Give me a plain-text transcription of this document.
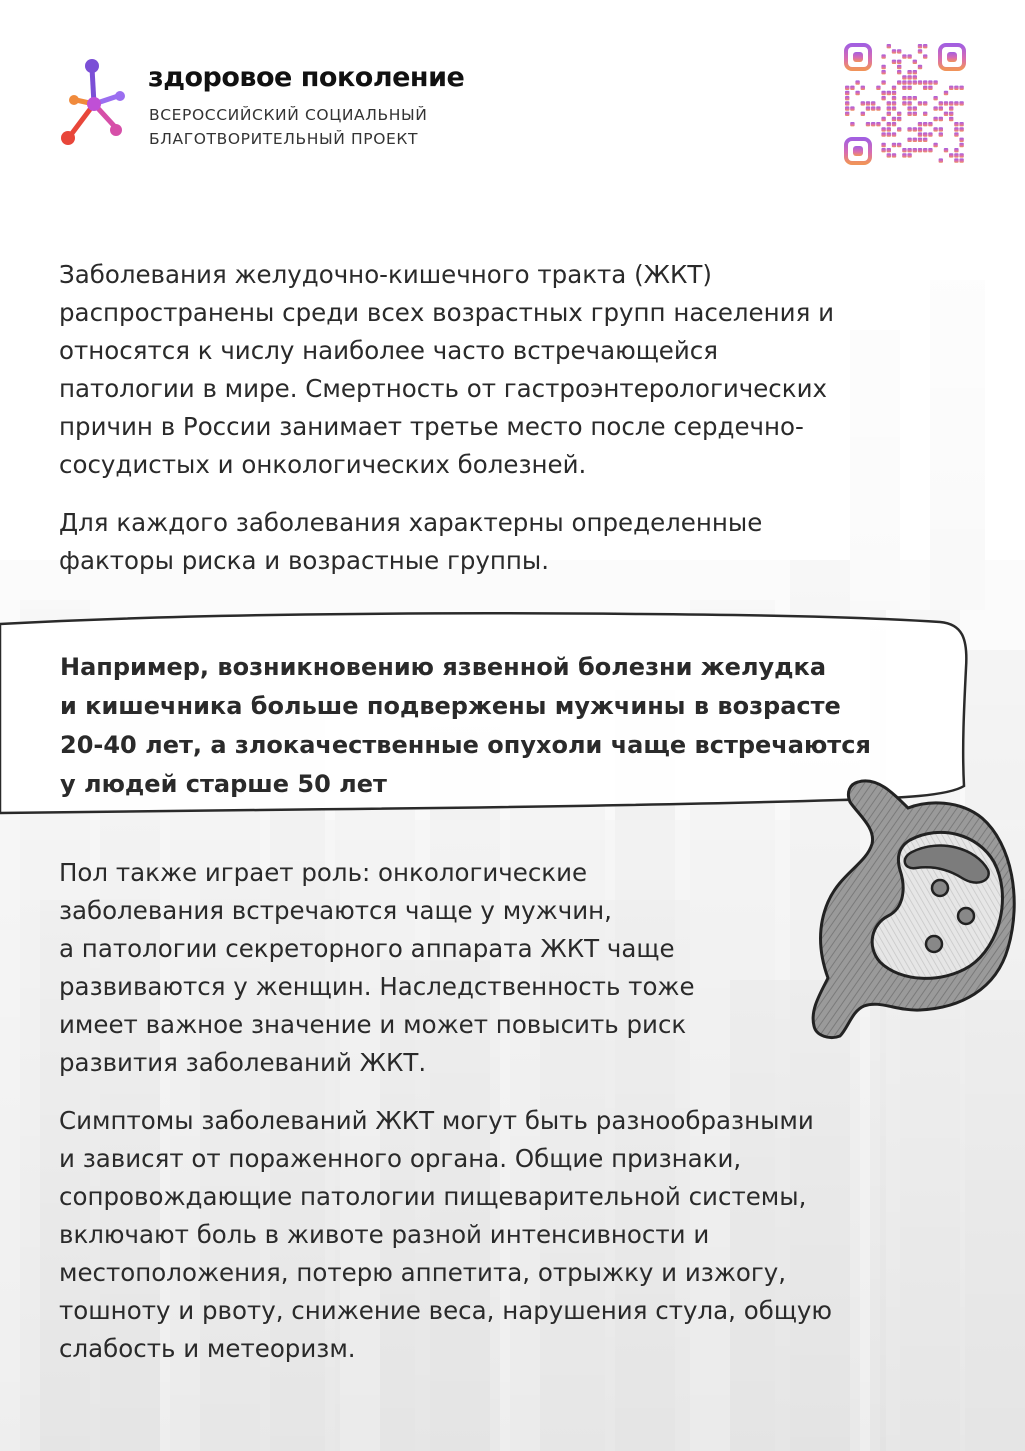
здоровое поколение
ВСЕРОССИЙСКИЙ СОЦИАЛЬНЫЙ
БЛАГОТВОРИТЕЛЬНЫЙ ПРОЕКТ

Заболевания желудочно-кишечного тракта (ЖКТ)
распространены среди всех возрастных групп населения и
относятся к числу наиболее часто встречающейся
патологии в мире. Смертность от гастроэнтерологических
причин в России занимает третье место после сердечно-
сосудистых и онкологических болезней.

Для каждого заболевания характерны определенные
факторы риска и возрастные группы.

Например, возникновению язвенной болезни желудка
и кишечника больше подвержены мужчины в возрасте
20-40 лет, а злокачественные опухоли чаще встречаются
у людей старше 50 лет

Пол также играет роль: онкологические
заболевания встречаются чаще у мужчин,
а патологии секреторного аппарата ЖКТ чаще
развиваются у женщин. Наследственность тоже
имеет важное значение и может повысить риск
развития заболеваний ЖКТ.

Симптомы заболеваний ЖКТ могут быть разнообразными
и зависят от пораженного органа. Общие признаки,
сопровождающие патологии пищеварительной системы,
включают боль в животе разной интенсивности и
местоположения, потерю аппетита, отрыжку и изжогу,
тошноту и рвоту, снижение веса, нарушения стула, общую
слабость и метеоризм.
